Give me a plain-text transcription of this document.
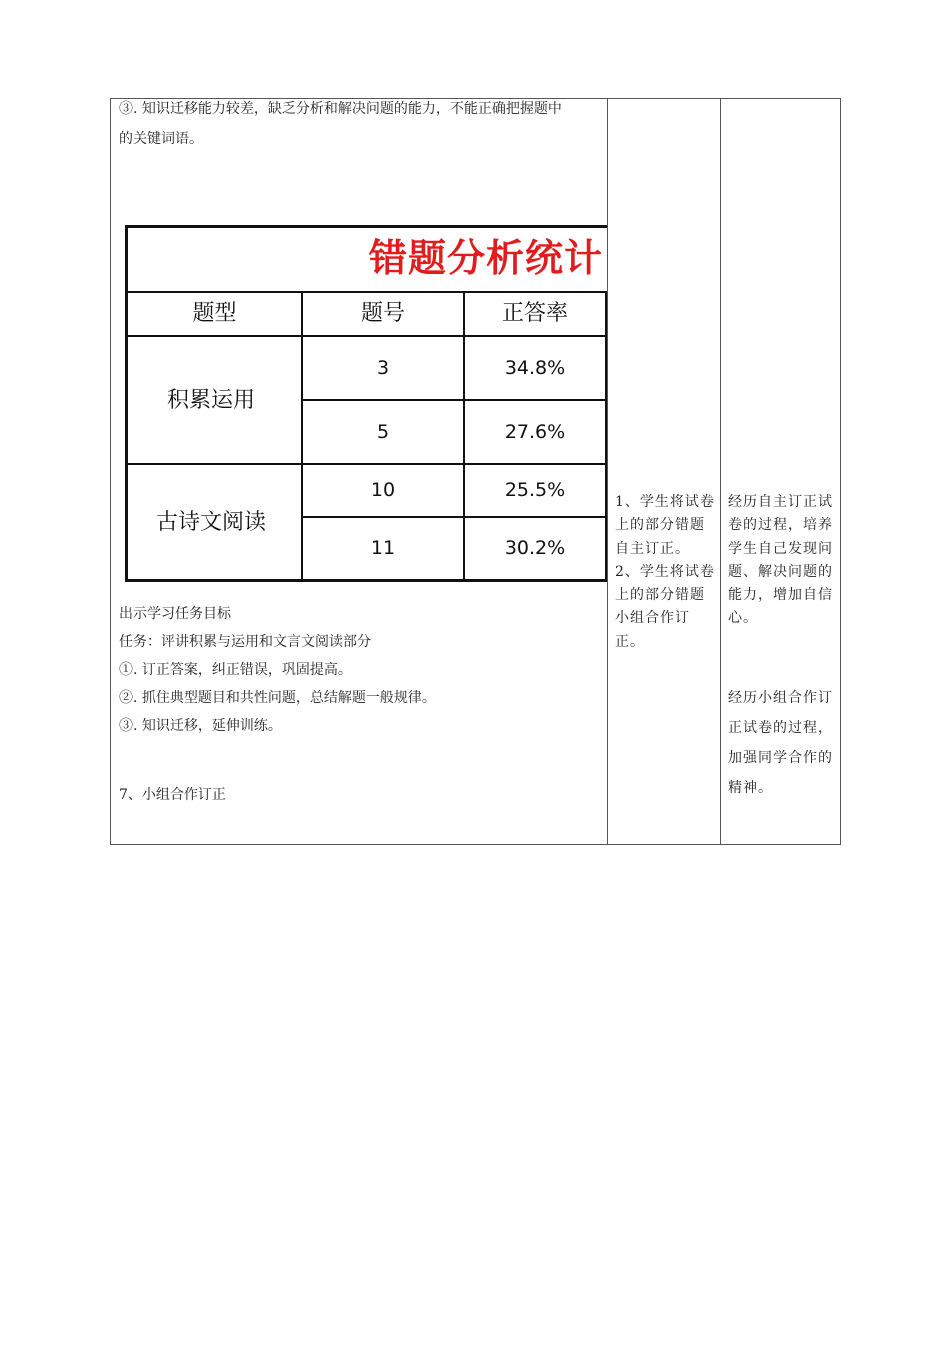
③. 知识迁移能力较差，缺乏分析和解决问题的能力，不能正确把握题中
的关键词语。
错题分析统计
题型	题号	正答率
积累运用
3	34.8%
5	27.6%
古诗文阅读
10	25.5%
11	30.2%
出示学习任务目标
任务：评讲积累与运用和文言文阅读部分
①. 订正答案，纠正错误，巩固提高。
②. 抓住典型题目和共性问题，总结解题一般规律。
③. 知识迁移，延伸训练。
7、小组合作订正
1、学生将试卷上的部分错题自主订正。
2、学生将试卷上的部分错题小组合作订正。
经历自主订正试卷的过程，培养学生自己发现问题、解决问题的能力，增加自信心。
经历小组合作订正试卷的过程，加强同学合作的精神。
